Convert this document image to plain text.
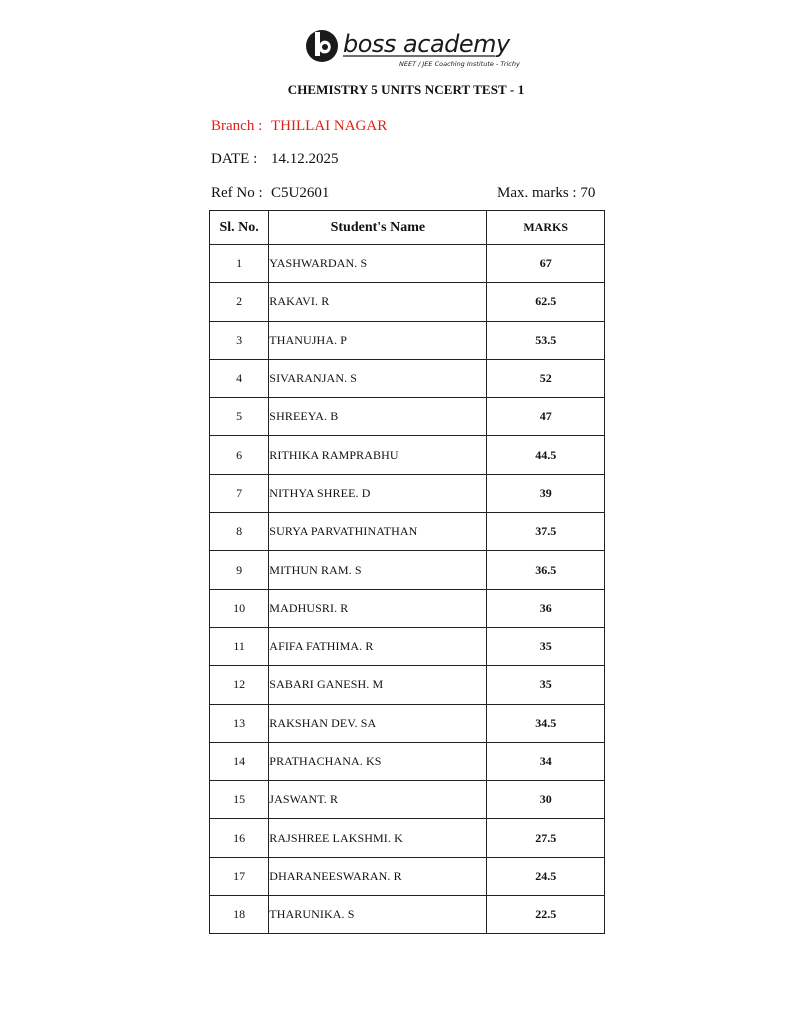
boss academy
NEET / JEE Coaching Institute - Trichy
CHEMISTRY 5 UNITS NCERT TEST - 1
Branch : THILLAI NAGAR
DATE : 14.12.2025
Ref No : C5U2601	Max. marks : 70
Sl. No.	Student's Name	MARKS
1	YASHWARDAN. S	67
2	RAKAVI. R	62.5
3	THANUJHA. P	53.5
4	SIVARANJAN. S	52
5	SHREEYA. B	47
6	RITHIKA RAMPRABHU	44.5
7	NITHYA SHREE. D	39
8	SURYA PARVATHINATHAN	37.5
9	MITHUN RAM. S	36.5
10	MADHUSRI. R	36
11	AFIFA FATHIMA. R	35
12	SABARI GANESH. M	35
13	RAKSHAN DEV. SA	34.5
14	PRATHACHANA. KS	34
15	JASWANT. R	30
16	RAJSHREE LAKSHMI. K	27.5
17	DHARANEESWARAN. R	24.5
18	THARUNIKA. S	22.5
